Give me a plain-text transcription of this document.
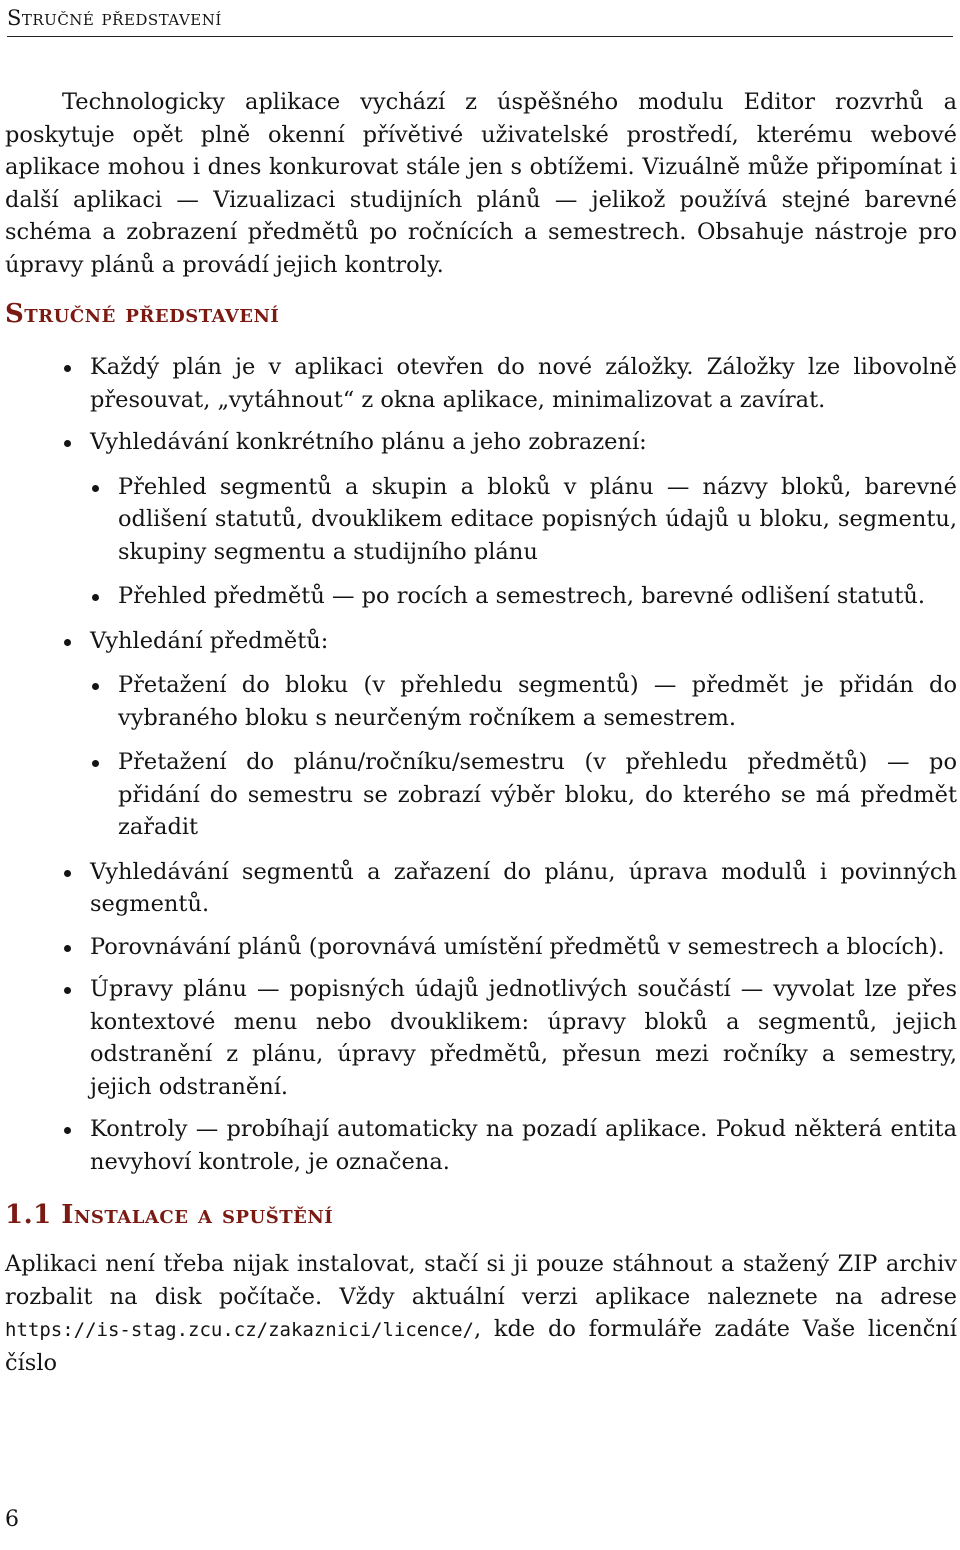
Stručné představení

Technologicky aplikace vychází z úspěšného modulu Editor rozvrhů a poskytuje opět plně okenní přívětivé uživatelské prostředí, kterému webové aplikace mohou i dnes konkurovat stále jen s obtížemi. Vizuálně může připomínat i další aplikaci — Vizualizaci studijních plánů — jelikož používá stejné barevné schéma a zobrazení předmětů po ročnících a semestrech. Obsahuje nástroje pro úpravy plánů a provádí jejich kontroly.

Stručné představení
Každý plán je v aplikaci otevřen do nové záložky. Záložky lze libovolně přesouvat, „vytáhnout“ z okna aplikace, minimalizovat a zavírat.
Vyhledávání konkrétního plánu a jeho zobrazení:
Přehled segmentů a skupin a bloků v plánu — názvy bloků, barevné odlišení statutů, dvouklikem editace popisných údajů u bloku, segmentu, skupiny segmentu a studijního plánu
Přehled předmětů — po rocích a semestrech, barevné odlišení statutů.
Vyhledání předmětů:
Přetažení do bloku (v přehledu segmentů) — předmět je přidán do vybraného bloku s neurčeným ročníkem a semestrem.
Přetažení do plánu/ročníku/semestru (v přehledu předmětů) — po přidání do semestru se zobrazí výběr bloku, do kterého se má předmět zařadit
Vyhledávání segmentů a zařazení do plánu, úprava modulů i povinných segmentů.
Porovnávání plánů (porovnává umístění předmětů v semestrech a blocích).
Úpravy plánu — popisných údajů jednotlivých součástí — vyvolat lze přes kontextové menu nebo dvouklikem: úpravy bloků a segmentů, jejich odstranění z plánu, úpravy předmětů, přesun mezi ročníky a semestry, jejich odstranění.
Kontroly — probíhají automaticky na pozadí aplikace. Pokud některá entita nevyhoví kontrole, je označena.
1.1 Instalace a spuštění

Aplikaci není třeba nijak instalovat, stačí si ji pouze stáhnout a stažený ZIP archiv rozbalit na disk počítače. Vždy aktuální verzi aplikace naleznete na adrese https://is-stag.zcu.cz/zakaznici/licence/, kde do formuláře zadáte Vaše licenční číslo

6
